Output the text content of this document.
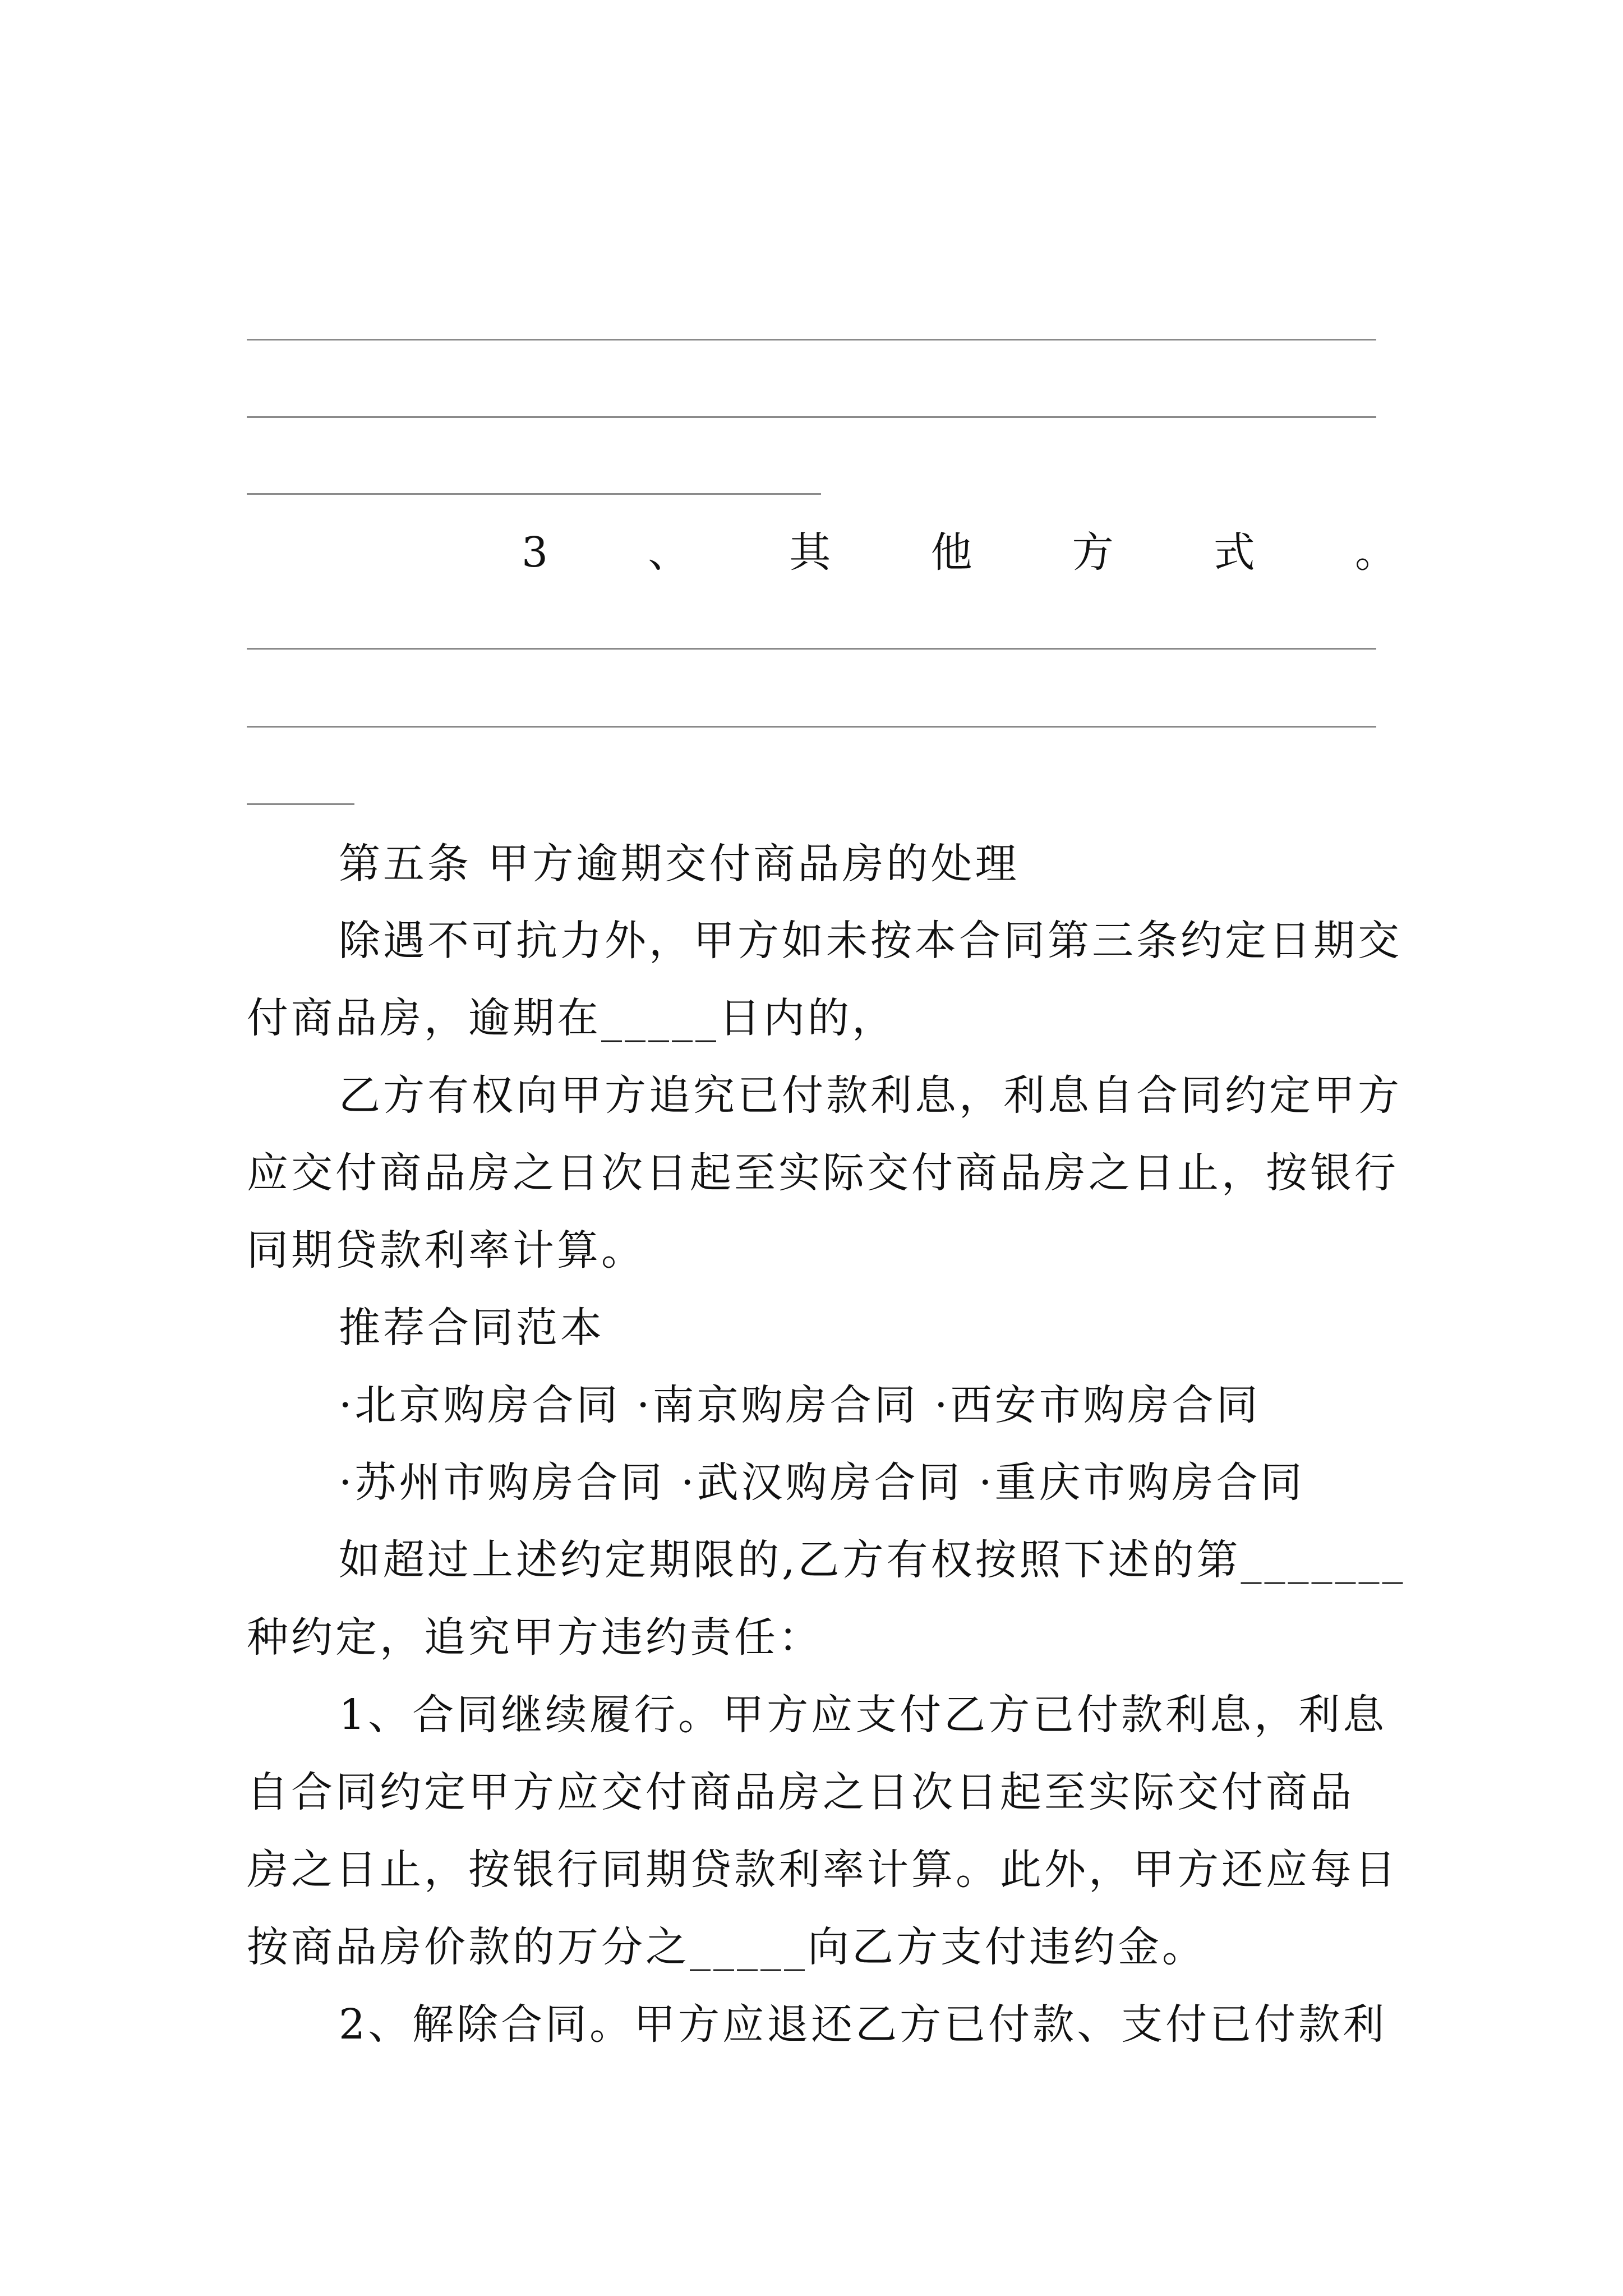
3 、 其 他 方 式 。
第五条 甲方逾期交付商品房的处理
除遇不可抗力外，甲方如未按本合同第三条约定日期交
付商品房，逾期在_____日内的，
乙方有权向甲方追究已付款利息，利息自合同约定甲方
应交付商品房之日次日起至实际交付商品房之日止，按银行
同期贷款利率计算。
推荐合同范本
·北京购房合同 ·南京购房合同 ·西安市购房合同
·苏州市购房合同 ·武汉购房合同 ·重庆市购房合同
如超过上述约定期限的,乙方有权按照下述的第_______
种约定，追究甲方违约责任：
1、合同继续履行。甲方应支付乙方已付款利息，利息
自合同约定甲方应交付商品房之日次日起至实际交付商品
房之日止，按银行同期贷款利率计算。此外，甲方还应每日
按商品房价款的万分之_____向乙方支付违约金。
2、解除合同。甲方应退还乙方已付款、支付已付款利
